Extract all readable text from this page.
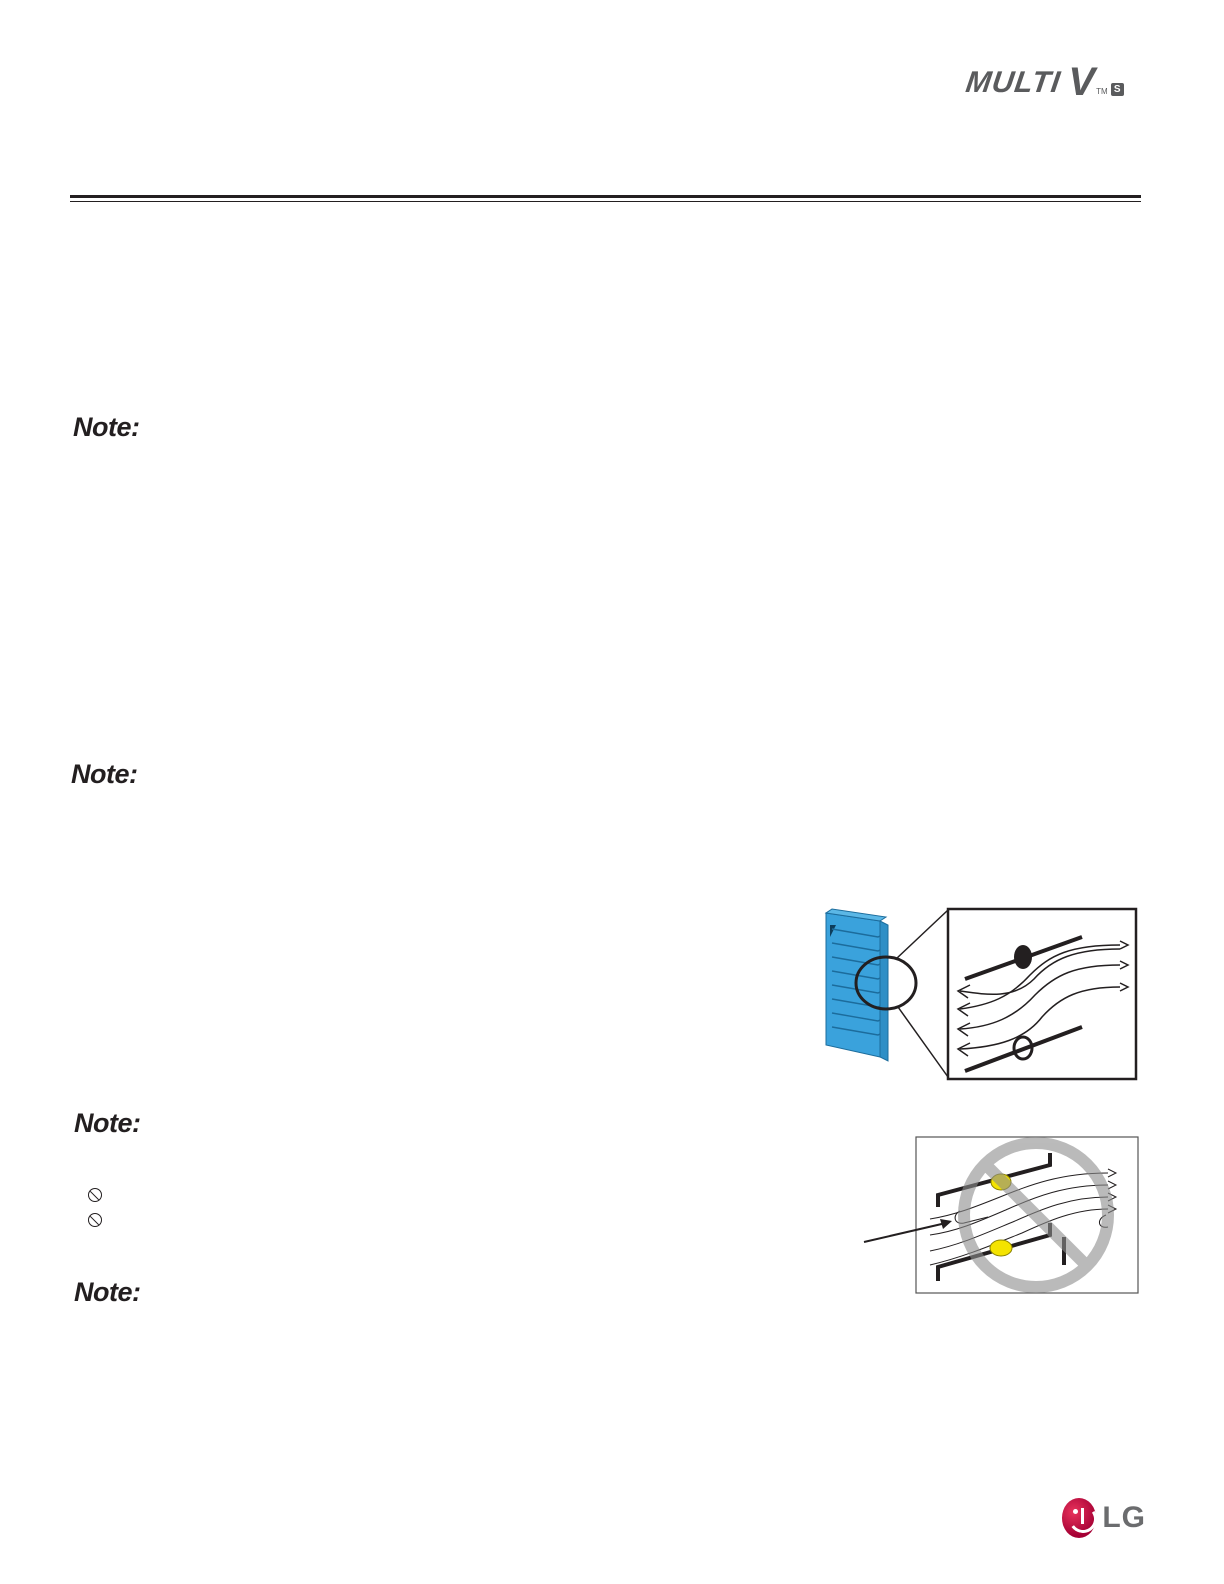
MULTI V TM S
Note:
Note:
Note:
Note:
LG
